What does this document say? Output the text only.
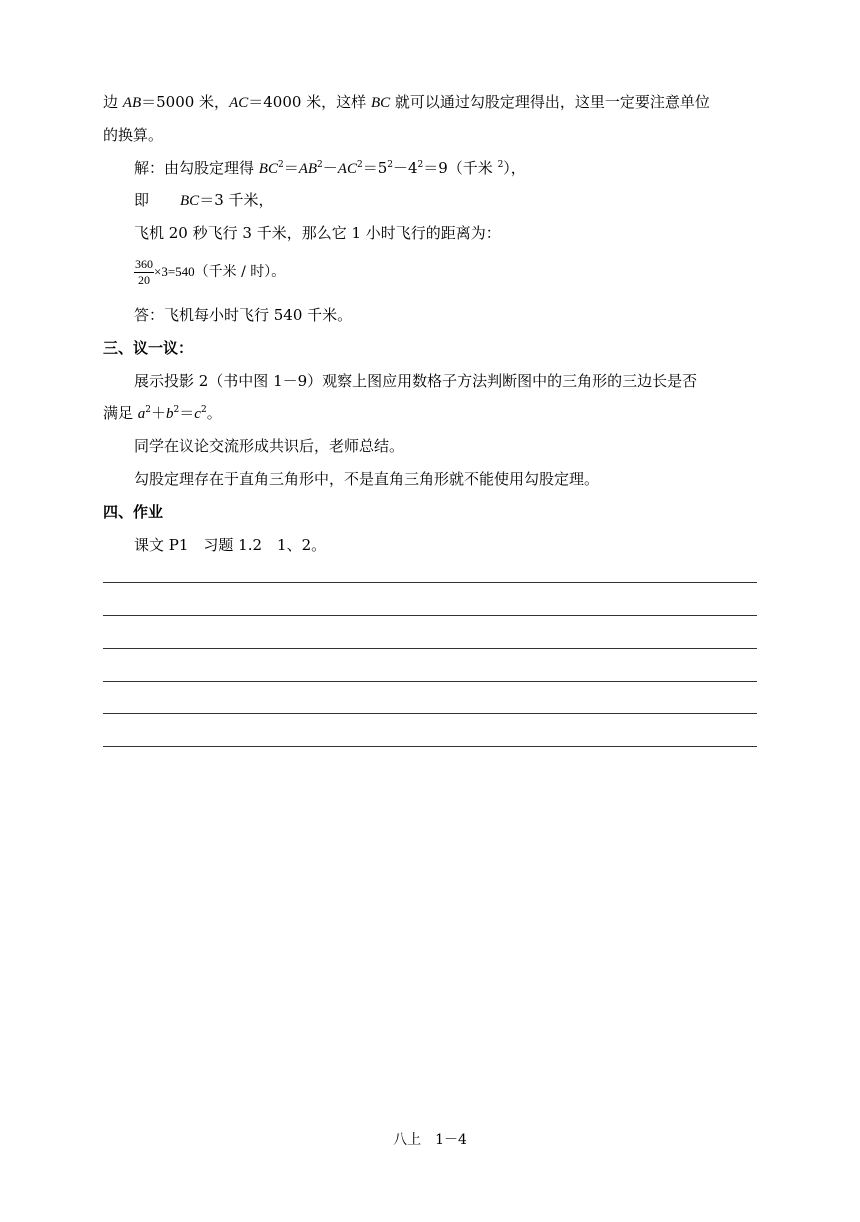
边 AB＝5000 米，AC＝4000 米，这样 BC 就可以通过勾股定理得出，这里一定要注意单位
的换算。
解：由勾股定理得 $BC^2=AB^2-AC^2=5^2-4^2=9$（千米 $^2$），
即 BC＝3 千米，
飞机 20 秒飞行 3 千米，那么它 1 小时飞行的距离为：
$\frac{360}{20} \times 3=540$（千米 / 时）。
答：飞机每小时飞行 540 千米。
三、议一议：
展示投影 2（书中图 1－9）观察上图应用数格子方法判断图中的三角形的三边长是否
满足 $a^2+b^2=c^2$。
同学在议论交流形成共识后，老师总结。
勾股定理存在于直角三角形中，不是直角三角形就不能使用勾股定理。
四、作业
课文 P1　习题 1.2　1、2。
八上　1－4
